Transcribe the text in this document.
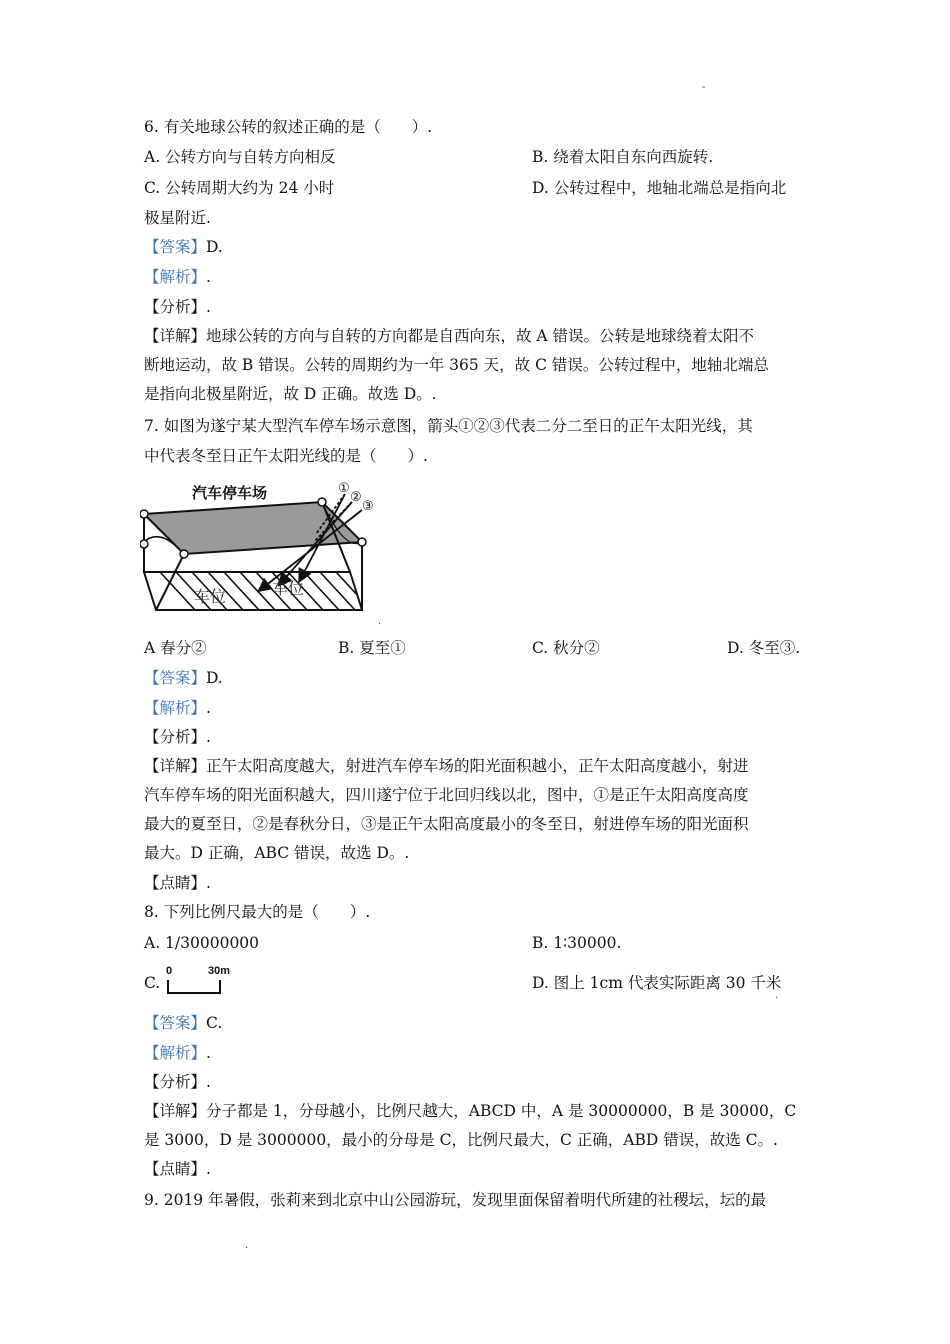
-
6. 有关地球公转的叙述正确的是（　　）.
A. 公转方向与自转方向相反	B. 绕着太阳自东向西旋转.
C. 公转周期大约为 24 小时	D. 公转过程中，地轴北端总是指向北
极星附近.
【答案】D.
【解析】.
【分析】.
【详解】地球公转的方向与自转的方向都是自西向东，故 A 错误。公转是地球绕着太阳不
断地运动，故 B 错误。公转的周期约为一年 365 天，故 C 错误。公转过程中，地轴北端总
是指向北极星附近，故 D 正确。故选 D。.
7. 如图为遂宁某大型汽车停车场示意图，箭头①②③代表二分二至日的正午太阳光线，其
中代表冬至日正午太阳光线的是（　　）.
汽车停车场
车位	车位
①
②
③
.
A 春分②	B. 夏至①	C. 秋分②	D. 冬至③.
【答案】D.
【解析】.
【分析】.
【详解】正午太阳高度越大，射进汽车停车场的阳光面积越小，正午太阳高度越小，射进
汽车停车场的阳光面积越大，四川遂宁位于北回归线以北，图中，①是正午太阳高度高度
最大的夏至日，②是春秋分日，③是正午太阳高度最小的冬至日，射进停车场的阳光面积
最大。D 正确，ABC 错误，故选 D。.
【点睛】.
8. 下列比例尺最大的是（　　）.
A. 1/30000000	B. 1∶30000.
C.
0	30m
D. 图上 1cm 代表实际距离 30 千米
.
【答案】C.
【解析】.
【分析】.
【详解】分子都是 1，分母越小，比例尺越大，ABCD 中，A 是 30000000，B 是 30000，C
是 3000，D 是 3000000，最小的分母是 C，比例尺最大，C 正确，ABD 错误，故选 C。.
【点睛】.
9. 2019 年暑假，张莉来到北京中山公园游玩，发现里面保留着明代所建的社稷坛，坛的最
.
